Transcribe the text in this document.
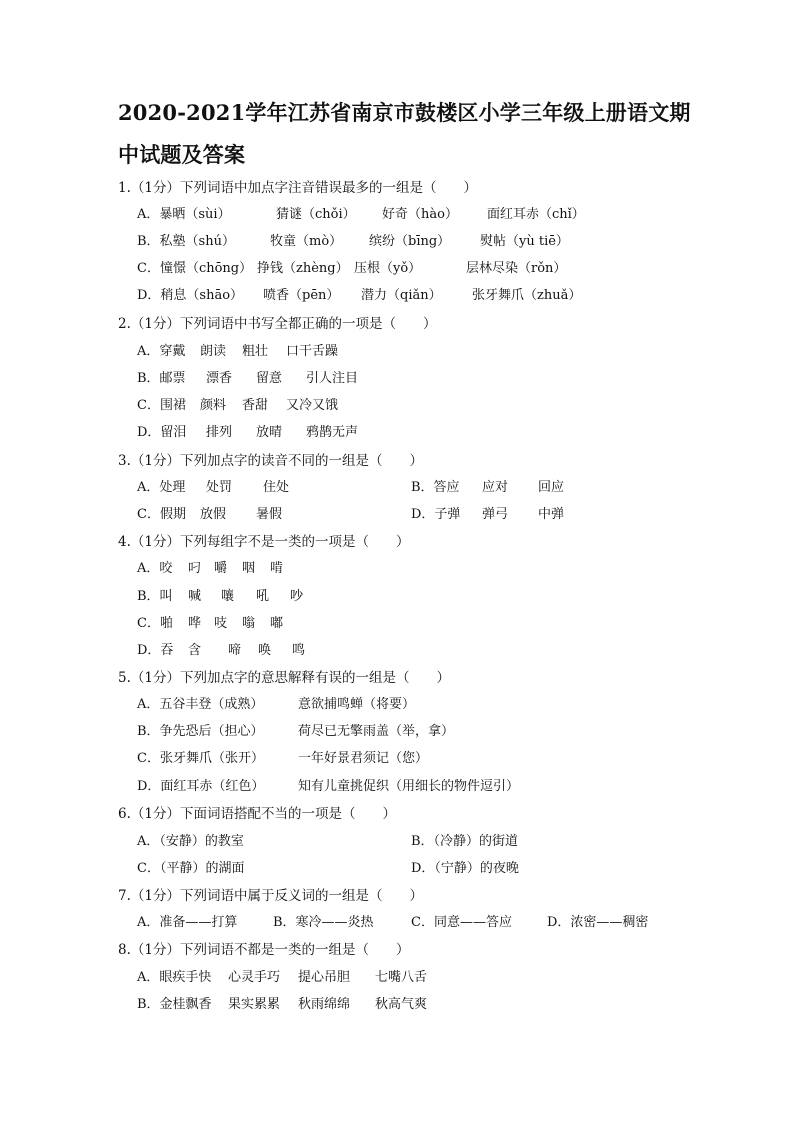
2020-2021学年江苏省南京市鼓楼区小学三年级上册语文期
中试题及答案
1.（1分）下列词语中加点字注音错误最多的一组是（　　）
A．暴晒（sùi）	猜谜（chǒi） 好奇（hào） 面红耳赤（chǐ）
B．私塾（shú）	牧童（mò） 缤纷（bīng） 熨帖（yù tiē）
C．憧憬（chōng） 挣钱（zhèng） 压根（yǒ）	层林尽染（rǒn）
D．稍息（shāo） 喷香（pēn） 潜力（qiǎn） 张牙舞爪（zhuǎ）
2.（1分）下列词语中书写全都正确的一项是（　　）
A．穿戴 朗读 粗壮 口干舌躁
B．邮票 漂香 留意 引人注目
C．围裙 颜料 香甜 又冷又饿
D．留泪 排列 放晴 鸦鹊无声
3.（1分）下列加点字的读音不同的一组是（　　）
A．处理 处罚 住处	B．答应 应对 回应
C．假期 放假 暑假	D．子弹 弹弓 中弹
4.（1分）下列每组字不是一类的一项是（　　）
A．咬 叼 嚼 咽 啃
B．叫 喊 嚷 吼 吵
C．啪 哗 吱 嗡 嘟
D．吞 含 啼 唤 鸣
5.（1分）下列加点字的意思解释有误的一组是（　　）
A．五谷丰登（成熟）	意欲捕鸣蝉（将要）
B．争先恐后（担心）	荷尽已无擎雨盖（举，拿）
C．张牙舞爪（张开）	一年好景君须记（您）
D．面红耳赤（红色）	知有儿童挑促织（用细长的物件逗引）
6.（1分）下面词语搭配不当的一项是（　　）
A．（安静）的教室	B．（冷静）的街道
C．（平静）的湖面	D．（宁静）的夜晚
7.（1分）下列词语中属于反义词的一组是（　　）
A．准备——打算	B．寒冷——炎热	C．同意——答应	D．浓密——稠密
8.（1分）下列词语不都是一类的一组是（　　）
A．眼疾手快 心灵手巧 提心吊胆 七嘴八舌
B．金桂飘香 果实累累 秋雨绵绵 秋高气爽
